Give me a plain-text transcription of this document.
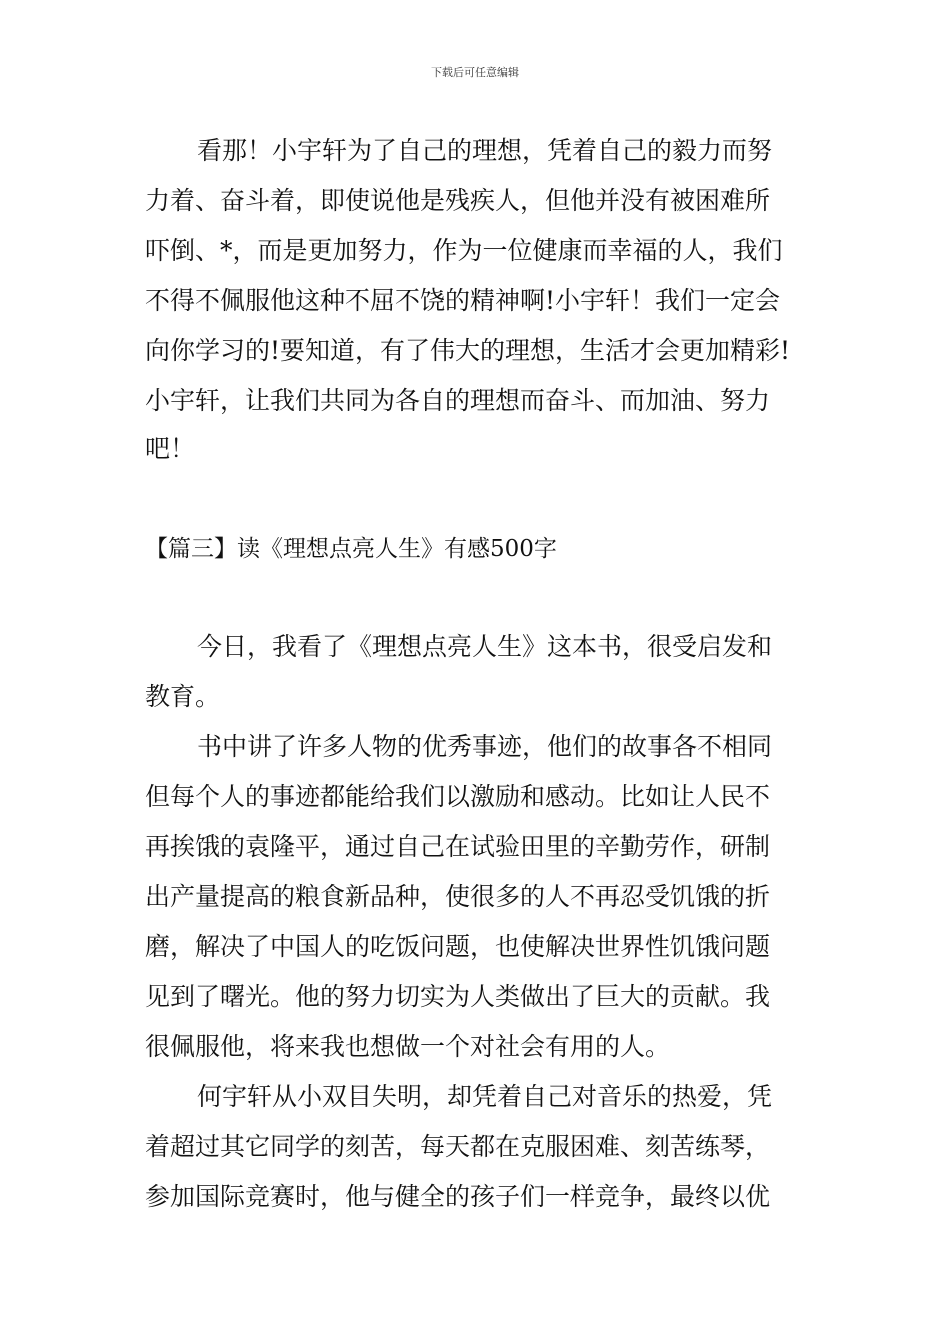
下载后可任意编辑
看那！小宇轩为了自己的理想，凭着自己的毅力而努
力着、奋斗着，即使说他是残疾人，但他并没有被困难所
吓倒、*，而是更加努力，作为一位健康而幸福的人，我们
不得不佩服他这种不屈不饶的精神啊!小宇轩！我们一定会
向你学习的!要知道，有了伟大的理想，生活才会更加精彩!
小宇轩，让我们共同为各自的理想而奋斗、而加油、努力
吧！
【篇三】读《理想点亮人生》有感500字
今日，我看了《理想点亮人生》这本书，很受启发和
教育。
书中讲了许多人物的优秀事迹，他们的故事各不相同
但每个人的事迹都能给我们以激励和感动。比如让人民不
再挨饿的袁隆平，通过自己在试验田里的辛勤劳作，研制
出产量提高的粮食新品种，使很多的人不再忍受饥饿的折
磨，解决了中国人的吃饭问题，也使解决世界性饥饿问题
见到了曙光。他的努力切实为人类做出了巨大的贡献。我
很佩服他，将来我也想做一个对社会有用的人。
何宇轩从小双目失明，却凭着自己对音乐的热爱，凭
着超过其它同学的刻苦，每天都在克服困难、刻苦练琴，
参加国际竞赛时，他与健全的孩子们一样竞争，最终以优
